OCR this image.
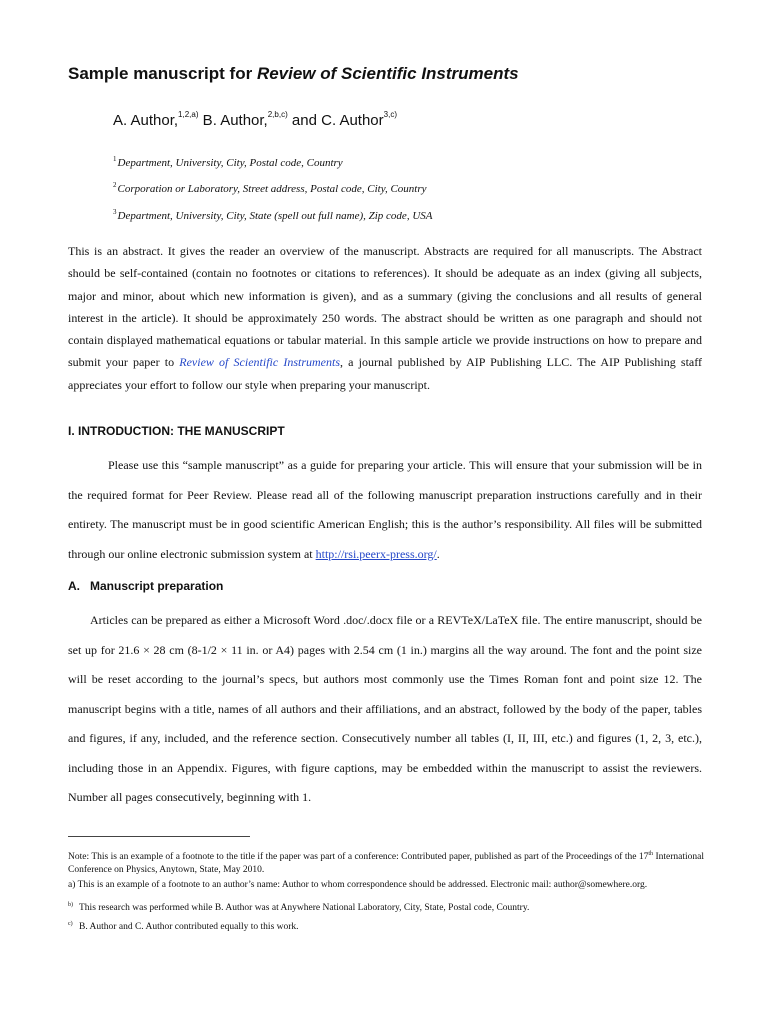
Sample manuscript for Review of Scientific Instruments
A. Author,$^{1,2,a)}$ B. Author,$^{2,b,c)}$ and C. Author$^{3,c)}$
$^1$Department, University, City, Postal code, Country
$^2$Corporation or Laboratory, Street address, Postal code, City, Country
$^3$Department, University, City, State (spell out full name), Zip code, USA
This is an abstract. It gives the reader an overview of the manuscript. Abstracts are required for all manuscripts. The Abstract should be self-contained (contain no footnotes or citations to references). It should be adequate as an index (giving all subjects, major and minor, about which new information is given), and as a summary (giving the conclusions and all results of general interest in the article). It should be approximately 250 words. The abstract should be written as one paragraph and should not contain displayed mathematical equations or tabular material. In this sample article we provide instructions on how to prepare and submit your paper to Review of Scientific Instruments, a journal published by AIP Publishing LLC. The AIP Publishing staff appreciates your effort to follow our style when preparing your manuscript.
I. INTRODUCTION: THE MANUSCRIPT
Please use this “sample manuscript” as a guide for preparing your article. This will ensure that your submission will be in the required format for Peer Review. Please read all of the following manuscript preparation instructions carefully and in their entirety. The manuscript must be in good scientific American English; this is the author’s responsibility. All files will be submitted through our online electronic submission system at http://rsi.peerx-press.org/.
A. Manuscript preparation
Articles can be prepared as either a Microsoft Word .doc/.docx file or a REVTeX/LaTeX file. The entire manuscript, should be set up for 21.6 × 28 cm (8-1/2 × 11 in. or A4) pages with 2.54 cm (1 in.) margins all the way around. The font and the point size will be reset according to the journal’s specs, but authors most commonly use the Times Roman font and point size 12. The manuscript begins with a title, names of all authors and their affiliations, and an abstract, followed by the body of the paper, tables and figures, if any, included, and the reference section. Consecutively number all tables (I, II, III, etc.) and figures (1, 2, 3, etc.), including those in an Appendix. Figures, with figure captions, may be embedded within the manuscript to assist the reviewers. Number all pages consecutively, beginning with 1.
Note: This is an example of a footnote to the title if the paper was part of a conference: Contributed paper, published as part of the Proceedings of the 17th International Conference on Physics, Anytown, State, May 2010.
a) This is an example of a footnote to an author’s name: Author to whom correspondence should be addressed. Electronic mail: author@somewhere.org.
b) This research was performed while B. Author was at Anywhere National Laboratory, City, State, Postal code, Country.
c) B. Author and C. Author contributed equally to this work.
